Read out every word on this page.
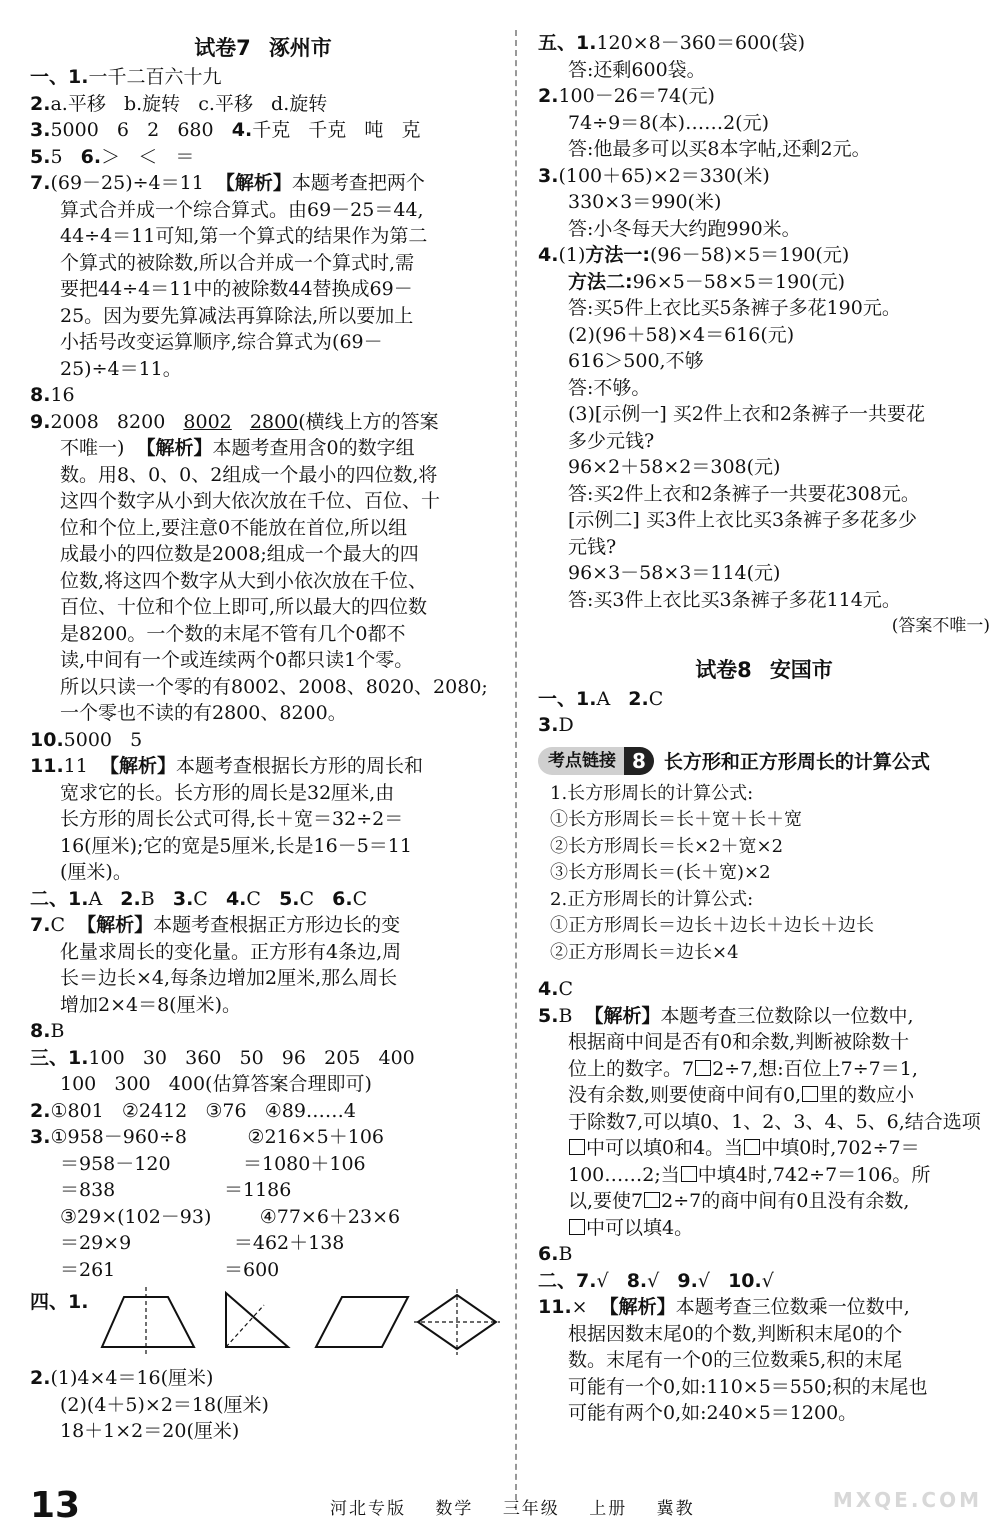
试卷7 涿州市
一、1.一千二百六十九
2.a.平移   b.旋转   c.平移   d.旋转
3.5000   6   2   680   4.千克   千克   吨   克
5.5   6.＞   ＜   ＝
7.(69－25)÷4＝11  【解析】本题考查把两个
算式合并成一个综合算式。由69－25＝44,
44÷4＝11可知,第一个算式的结果作为第二
个算式的被除数,所以合并成一个算式时,需
要把44÷4＝11中的被除数44替换成69－
25。因为要先算减法再算除法,所以要加上
小括号改变运算顺序,综合算式为(69－
25)÷4＝11。
8.16
9.2008   8200   8002 2800(横线上方的答案
不唯一)  【解析】本题考查用含0的数字组
数。用8、0、0、2组成一个最小的四位数,将
这四个数字从小到大依次放在千位、百位、十
位和个位上,要注意0不能放在首位,所以组
成最小的四位数是2008;组成一个最大的四
位数,将这四个数字从大到小依次放在千位、
百位、十位和个位上即可,所以最大的四位数
是8200。一个数的末尾不管有几个0都不
读,中间有一个或连续两个0都只读1个零。
所以只读一个零的有8002、2008、8020、2080;
一个零也不读的有2800、8200。
10.5000   5
11.11  【解析】本题考查根据长方形的周长和
宽求它的长。长方形的周长是32厘米,由
长方形的周长公式可得,长＋宽＝32÷2＝
16(厘米);它的宽是5厘米,长是16－5＝11
(厘米)。
二、1.A   2.B   3.C   4.C   5.C   6.C
7.C  【解析】本题考查根据正方形边长的变
化量求周长的变化量。正方形有4条边,周
长＝边长×4,每条边增加2厘米,那么周长
增加2×4＝8(厘米)。
8.B
三、1.100   30   360   50   96   205   400
100   300   400(估算答案合理即可)
2.①801   ②2412   ③76   ④89……4
3.①958－960÷8          ②216×5＋106
＝958－120            ＝1080＋106
＝838                  ＝1186
③29×(102－93)        ④77×6＋23×6
＝29×9                 ＝462＋138
＝261                  ＝600
四、1.
2.(1)4×4＝16(厘米)
(2)(4＋5)×2＝18(厘米)
18＋1×2＝20(厘米)
五、1.120×8－360＝600(袋)
答:还剩600袋。
2.100－26＝74(元)
74÷9＝8(本)……2(元)
答:他最多可以买8本字帖,还剩2元。
3.(100＋65)×2＝330(米)
330×3＝990(米)
答:小冬每天大约跑990米。
4.(1)方法一:(96－58)×5＝190(元)
方法二:96×5－58×5＝190(元)
答:买5件上衣比买5条裤子多花190元。
(2)(96＋58)×4＝616(元)
616＞500,不够
答:不够。
(3)[示例一] 买2件上衣和2条裤子一共要花
多少元钱?
96×2＋58×2＝308(元)
答:买2件上衣和2条裤子一共要花308元。
[示例二] 买3件上衣比买3条裤子多花多少
元钱?
96×3－58×3＝114(元)
答:买3件上衣比买3条裤子多花114元。
(答案不唯一)
试卷8 安国市
一、1.A   2.C
3.D
考点链接 8 长方形和正方形周长的计算公式
1.长方形周长的计算公式:
①长方形周长＝长＋宽＋长＋宽
②长方形周长＝长×2＋宽×2
③长方形周长＝(长＋宽)×2
2.正方形周长的计算公式:
①正方形周长＝边长＋边长＋边长＋边长
②正方形周长＝边长×4
4.C
5.B  【解析】本题考查三位数除以一位数中,
根据商中间是否有0和余数,判断被除数十
位上的数字。7 2÷7,想:百位上7÷7＝1,
没有余数,则要使商中间有0, 里的数应小
于除数7,可以填0、1、2、3、4、5、6,结合选项
中可以填0和4。当 中填0时,702÷7＝
100……2;当 中填4时,742÷7＝106。所
以,要使7 2÷7的商中间有0且没有余数,
中可以填4。
6.B
二、7.√   8.√   9.√   10.√
11.×  【解析】本题考查三位数乘一位数中,
根据因数末尾0的个数,判断积末尾0的个
数。末尾有一个0的三位数乘5,积的末尾
可能有一个0,如:110×5＝550;积的末尾也
可能有两个0,如:240×5＝1200。
13	河北专版 数学 三年级 上册 冀教	MXQE.COM
